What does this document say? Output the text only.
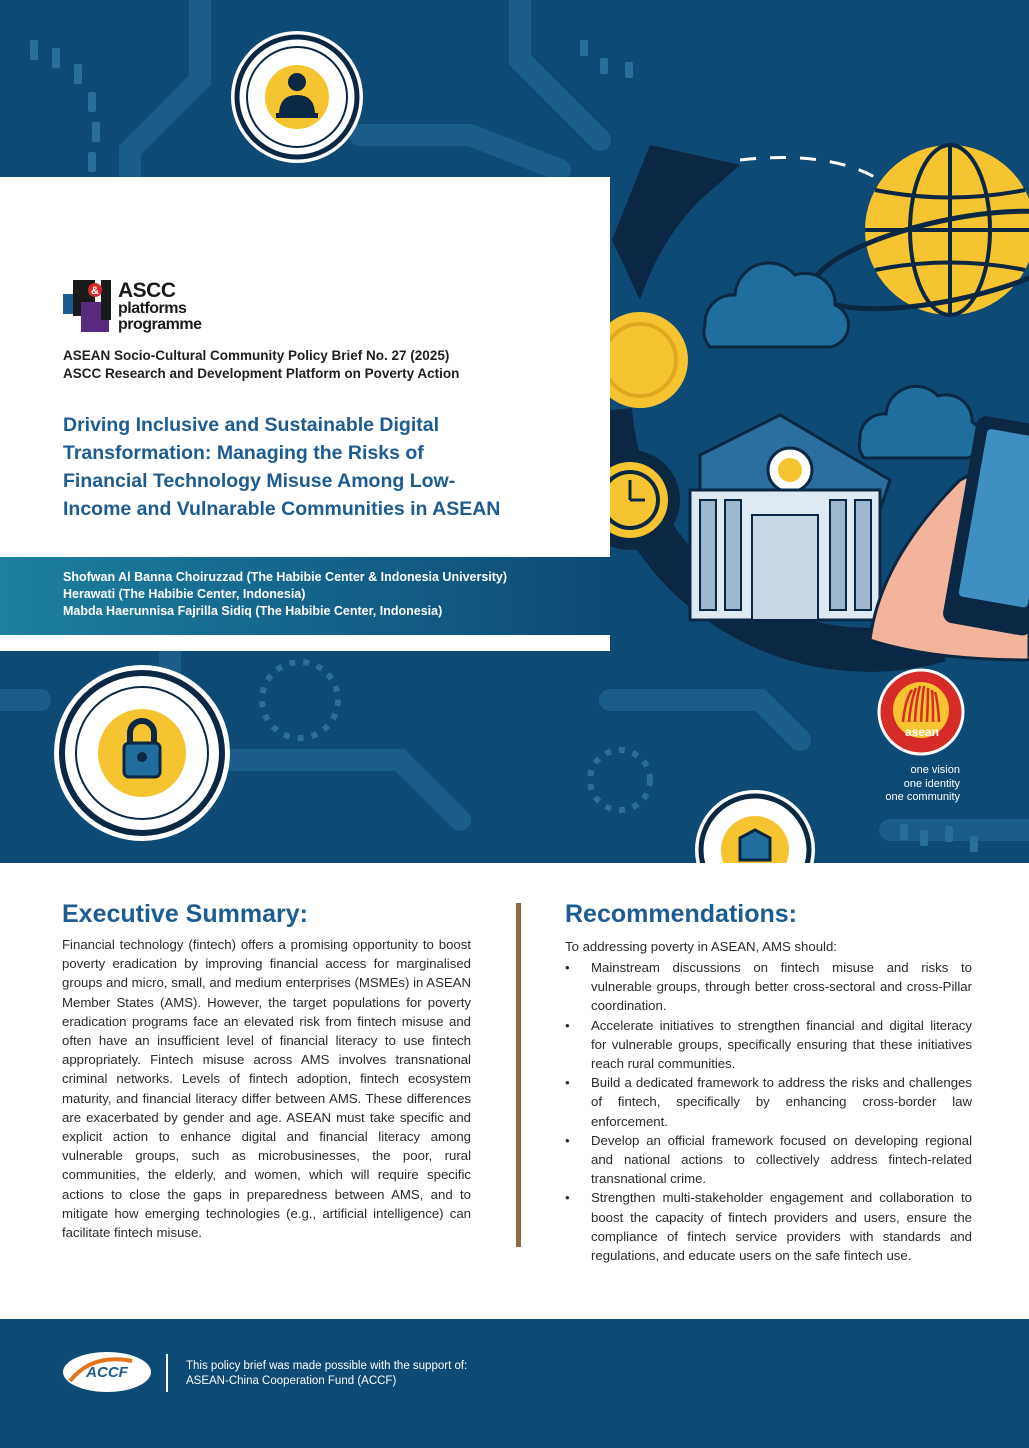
asean
one vision
one identity
one community
& ASCC
platforms
programme
ASEAN Socio-Cultural Community Policy Brief No. 27 (2025)
ASCC Research and Development Platform on Poverty Action
Driving Inclusive and Sustainable Digital
Transformation: Managing the Risks of
Financial Technology Misuse Among Low-
Income and Vulnarable Communities in ASEAN
Shofwan Al Banna Choiruzzad (The Habibie Center & Indonesia University)
Herawati (The Habibie Center, Indonesia)
Mabda Haerunnisa Fajrilla Sidiq (The Habibie Center, Indonesia)
Executive Summary:
Financial technology (fintech) offers a promising opportunity to boost poverty eradication by improving financial access for marginalised groups and micro, small, and medium enterprises (MSMEs) in ASEAN Member States (AMS). However, the target populations for poverty eradication programs face an elevated risk from fintech misuse and often have an insufficient level of financial literacy to use fintech appropriately. Fintech misuse across AMS involves transnational criminal networks. Levels of fintech adoption, fintech ecosystem maturity, and financial literacy differ between AMS. These differences are exacerbated by gender and age. ASEAN must take specific and explicit action to enhance digital and financial literacy among vulnerable groups, such as microbusinesses, the poor, rural communities, the elderly, and women, which will require specific actions to close the gaps in preparedness between AMS, and to mitigate how emerging technologies (e.g., artificial intelligence) can facilitate fintech misuse.
Recommendations:
To addressing poverty in ASEAN, AMS should:
• Mainstream discussions on fintech misuse and risks to vulnerable groups, through better cross-sectoral and cross-Pillar coordination.
• Accelerate initiatives to strengthen financial and digital literacy for vulnerable groups, specifically ensuring that these initiatives reach rural communities.
• Build a dedicated framework to address the risks and challenges of fintech, specifically by enhancing cross-border law enforcement.
• Develop an official framework focused on developing regional and national actions to collectively address fintech-related transnational crime.
• Strengthen multi-stakeholder engagement and collaboration to boost the capacity of fintech providers and users, ensure the compliance of fintech service providers with standards and regulations, and educate users on the safe fintech use.
ACCF	This policy brief was made possible with the support of:
ASEAN-China Cooperation Fund (ACCF)
